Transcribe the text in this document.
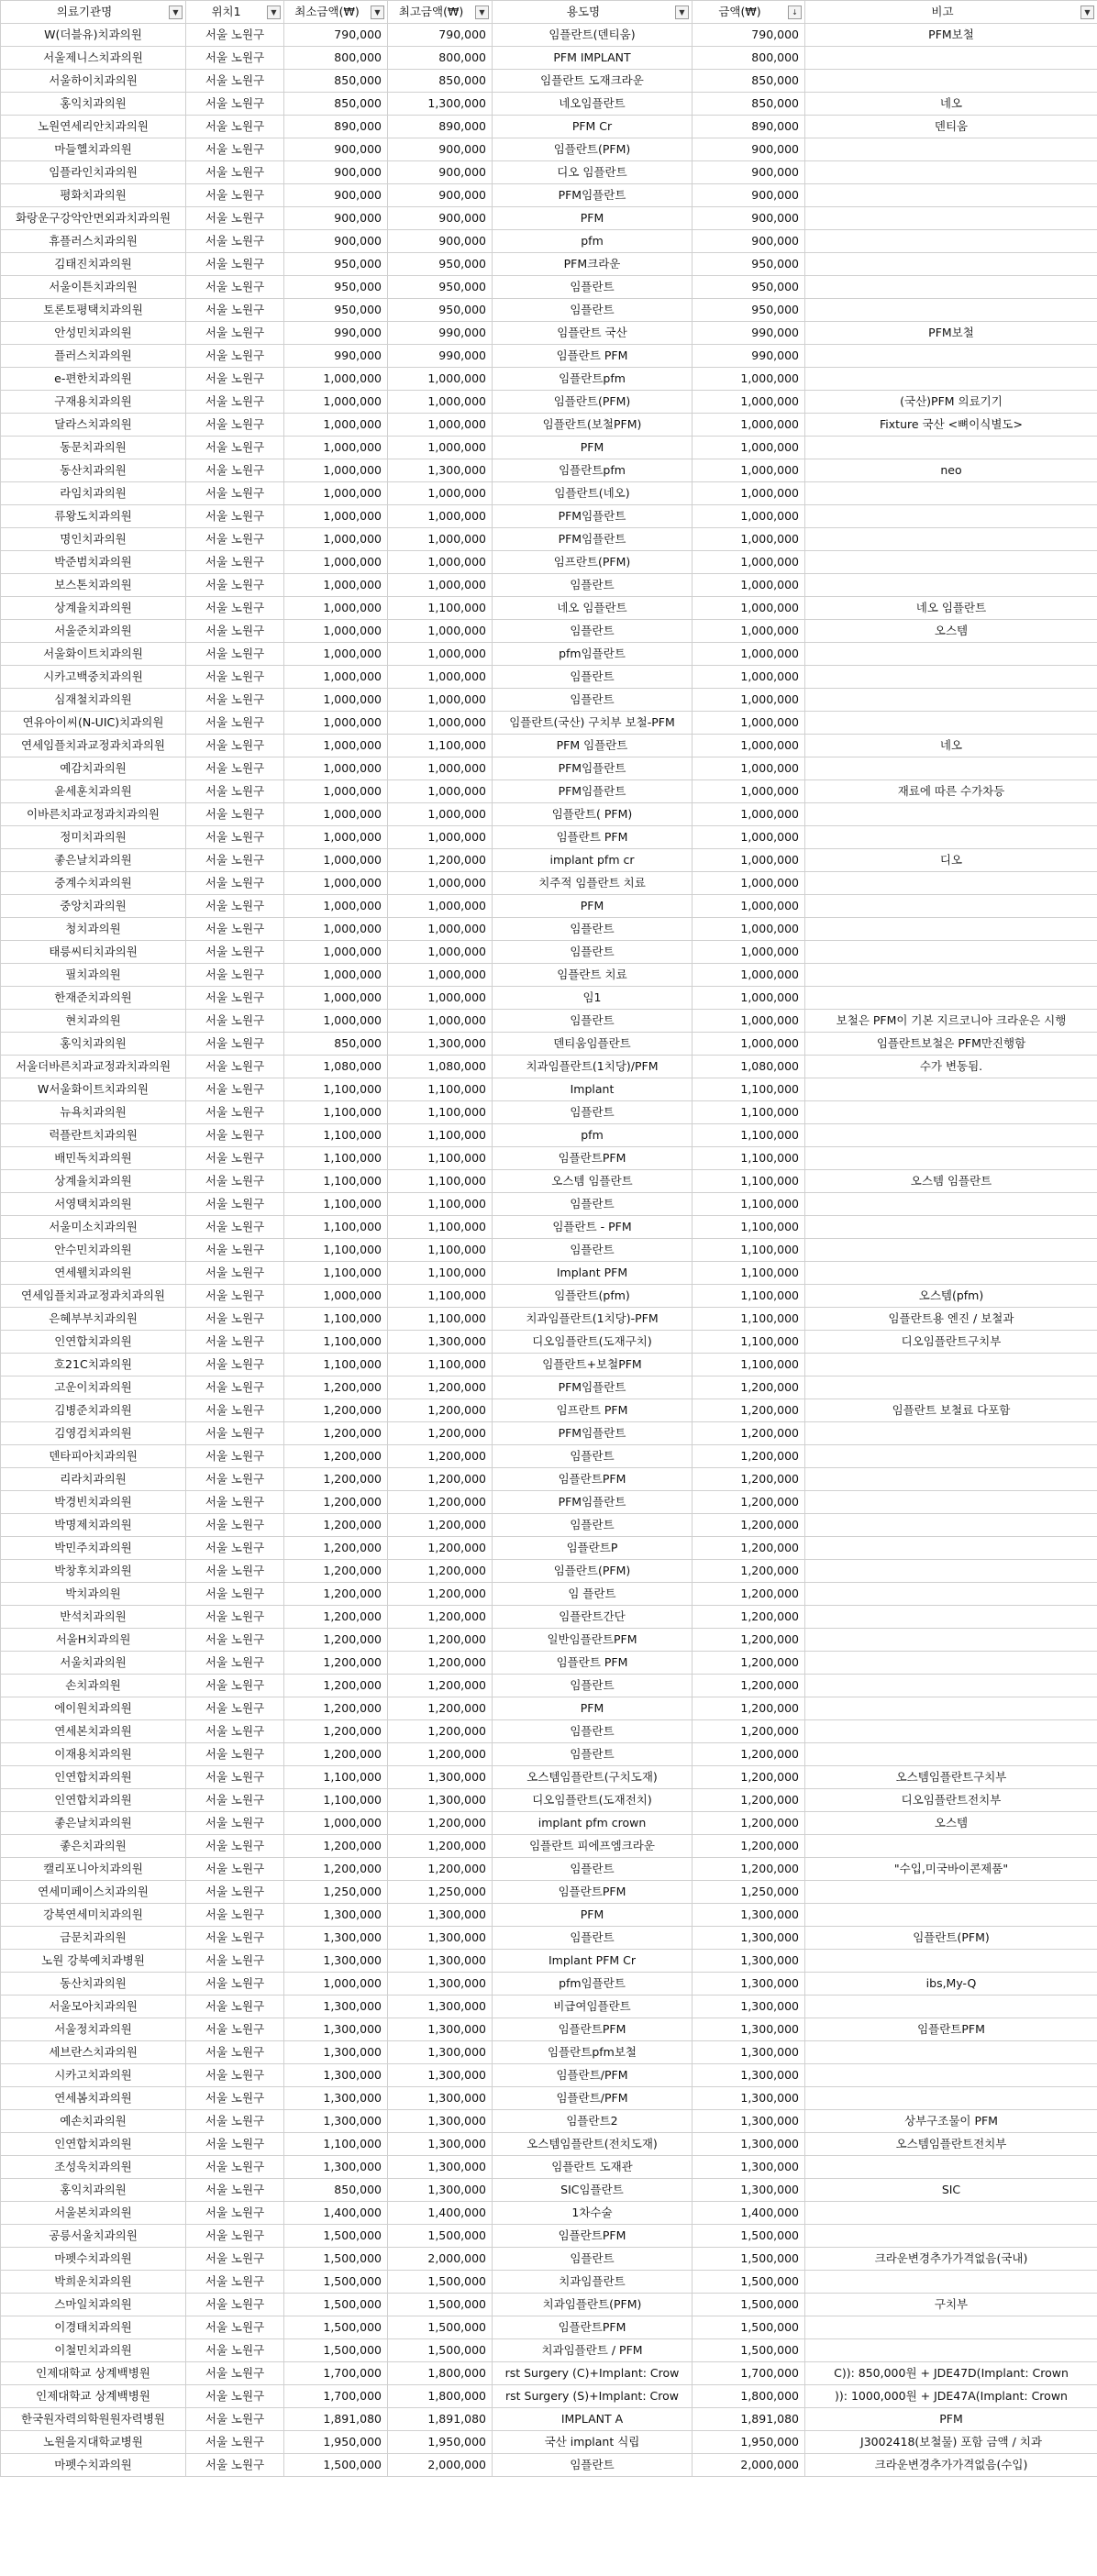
의료기관명 ▼	위치1 ▼	최소금액(₩) ▼	최고금액(₩) ▼	용도명 ▼	금액(₩) ↓	비고 ▼

W(더블유)치과의원	서울 노원구	790,000	790,000	임플란트(덴티움)	790,000	PFM보철
서울제니스치과의원	서울 노원구	800,000	800,000	PFM IMPLANT	800,000	
서울하이치과의원	서울 노원구	850,000	850,000	임플란트 도재크라운	850,000	
홍익치과의원	서울 노원구	850,000	1,300,000	네오임플란트	850,000	네오
노원연세리안치과의원	서울 노원구	890,000	890,000	PFM Cr	890,000	덴티움
마들헬치과의원	서울 노원구	900,000	900,000	임플란트(PFM)	900,000	
임플라인치과의원	서울 노원구	900,000	900,000	디오 임플란트	900,000	
평화치과의원	서울 노원구	900,000	900,000	PFM임플란트	900,000	
화랑운구강악안면외과치과의원	서울 노원구	900,000	900,000	PFM	900,000	
휴플러스치과의원	서울 노원구	900,000	900,000	pfm	900,000	
김태진치과의원	서울 노원구	950,000	950,000	PFM크라운	950,000	
서울이튼치과의원	서울 노원구	950,000	950,000	임플란트	950,000	
토론토평택치과의원	서울 노원구	950,000	950,000	임플란트	950,000	
안성민치과의원	서울 노원구	990,000	990,000	임플란트 국산	990,000	PFM보철
플러스치과의원	서울 노원구	990,000	990,000	임플란트 PFM	990,000	
e-편한치과의원	서울 노원구	1,000,000	1,000,000	임플란트pfm	1,000,000	
구재용치과의원	서울 노원구	1,000,000	1,000,000	임플란트(PFM)	1,000,000	(국산)PFM 의료기기
달라스치과의원	서울 노원구	1,000,000	1,000,000	임플란트(보철PFM)	1,000,000	Fixture 국산 <뼈이식별도>
동문치과의원	서울 노원구	1,000,000	1,000,000	PFM	1,000,000	
동산치과의원	서울 노원구	1,000,000	1,300,000	임플란트pfm	1,000,000	neo
라임치과의원	서울 노원구	1,000,000	1,000,000	임플란트(네오)	1,000,000	
류왕도치과의원	서울 노원구	1,000,000	1,000,000	PFM임플란트	1,000,000	
명인치과의원	서울 노원구	1,000,000	1,000,000	PFM임플란트	1,000,000	
박준범치과의원	서울 노원구	1,000,000	1,000,000	임프란트(PFM)	1,000,000	
보스톤치과의원	서울 노원구	1,000,000	1,000,000	임플란트	1,000,000	
상계율치과의원	서울 노원구	1,000,000	1,100,000	네오 임플란트	1,000,000	네오 임플란트
서울준치과의원	서울 노원구	1,000,000	1,000,000	임플란트	1,000,000	오스템
서울화이트치과의원	서울 노원구	1,000,000	1,000,000	pfm임플란트	1,000,000	
시카고백중치과의원	서울 노원구	1,000,000	1,000,000	임플란트	1,000,000	
심재철치과의원	서울 노원구	1,000,000	1,000,000	임플란트	1,000,000	
연유아이씨(N-UIC)치과의원	서울 노원구	1,000,000	1,000,000	임플란트(국산) 구치부 보철-PFM	1,000,000	
연세임플치과교정과치과의원	서울 노원구	1,000,000	1,100,000	PFM 임플란트	1,000,000	네오
예감치과의원	서울 노원구	1,000,000	1,000,000	PFM임플란트	1,000,000	
윤세훈치과의원	서울 노원구	1,000,000	1,000,000	PFM임플란트	1,000,000	재료에 따른 수가차등
이바른치과교정과치과의원	서울 노원구	1,000,000	1,000,000	임플란트( PFM)	1,000,000	
정미치과의원	서울 노원구	1,000,000	1,000,000	임플란트 PFM	1,000,000	
좋은날치과의원	서울 노원구	1,000,000	1,200,000	implant pfm cr	1,000,000	디오
중계수치과의원	서울 노원구	1,000,000	1,000,000	치주적 임플란트 치료	1,000,000	
중앙치과의원	서울 노원구	1,000,000	1,000,000	PFM	1,000,000	
청치과의원	서울 노원구	1,000,000	1,000,000	임플란트	1,000,000	
태릉씨티치과의원	서울 노원구	1,000,000	1,000,000	임플란트	1,000,000	
필치과의원	서울 노원구	1,000,000	1,000,000	임플란트 치료	1,000,000	
한재준치과의원	서울 노원구	1,000,000	1,000,000	임1	1,000,000	
현치과의원	서울 노원구	1,000,000	1,000,000	임플란트	1,000,000	보철은 PFM이 기본 지르코니아 크라운은 시행
홍익치과의원	서울 노원구	850,000	1,300,000	덴티움임플란트	1,000,000	임플란트보철은 PFM만진행함
서울더바른치과교정과치과의원	서울 노원구	1,080,000	1,080,000	치과임플란트(1치당)/PFM	1,080,000	수가 변동됨.
W서울화이트치과의원	서울 노원구	1,100,000	1,100,000	Implant	1,100,000	
뉴욕치과의원	서울 노원구	1,100,000	1,100,000	임플란트	1,100,000	
럭플란트치과의원	서울 노원구	1,100,000	1,100,000	pfm	1,100,000	
배민독치과의원	서울 노원구	1,100,000	1,100,000	임플란트PFM	1,100,000	
상계율치과의원	서울 노원구	1,100,000	1,100,000	오스템 임플란트	1,100,000	오스템 임플란트
서영택치과의원	서울 노원구	1,100,000	1,100,000	임플란트	1,100,000	
서울미소치과의원	서울 노원구	1,100,000	1,100,000	임플란트 - PFM	1,100,000	
안수민치과의원	서울 노원구	1,100,000	1,100,000	임플란트	1,100,000	
연세웰치과의원	서울 노원구	1,100,000	1,100,000	Implant PFM	1,100,000	
연세임플치과교정과치과의원	서울 노원구	1,000,000	1,100,000	임플란트(pfm)	1,100,000	오스템(pfm)
은혜부부치과의원	서울 노원구	1,100,000	1,100,000	치과임플란트(1치당)-PFM	1,100,000	임플란트용 엔진 / 보철과
인연합치과의원	서울 노원구	1,100,000	1,300,000	디오임플란트(도재구치)	1,100,000	디오임플란트구치부
호21C치과의원	서울 노원구	1,100,000	1,100,000	임플란트+보철PFM	1,100,000	
고운이치과의원	서울 노원구	1,200,000	1,200,000	PFM임플란트	1,200,000	
김병준치과의원	서울 노원구	1,200,000	1,200,000	임프란트 PFM	1,200,000	임플란트 보철료 다포함
김영검치과의원	서울 노원구	1,200,000	1,200,000	PFM임플란트	1,200,000	
덴타피아치과의원	서울 노원구	1,200,000	1,200,000	임플란트	1,200,000	
리라치과의원	서울 노원구	1,200,000	1,200,000	임플란트PFM	1,200,000	
박경빈치과의원	서울 노원구	1,200,000	1,200,000	PFM임플란트	1,200,000	
박명제치과의원	서울 노원구	1,200,000	1,200,000	임플란트	1,200,000	
박민주치과의원	서울 노원구	1,200,000	1,200,000	임플란트P	1,200,000	
박창후치과의원	서울 노원구	1,200,000	1,200,000	임플란트(PFM)	1,200,000	
박치과의원	서울 노원구	1,200,000	1,200,000	임 플란트	1,200,000	
반석치과의원	서울 노원구	1,200,000	1,200,000	임플란트간단	1,200,000	
서울H치과의원	서울 노원구	1,200,000	1,200,000	일반임플란트PFM	1,200,000	
서울치과의원	서울 노원구	1,200,000	1,200,000	임플란트 PFM	1,200,000	
손치과의원	서울 노원구	1,200,000	1,200,000	임플란트	1,200,000	
에이원치과의원	서울 노원구	1,200,000	1,200,000	PFM	1,200,000	
연세본치과의원	서울 노원구	1,200,000	1,200,000	임플란트	1,200,000	
이재용치과의원	서울 노원구	1,200,000	1,200,000	임플란트	1,200,000	
인연합치과의원	서울 노원구	1,100,000	1,300,000	오스템임플란트(구치도재)	1,200,000	오스템임플란트구치부
인연합치과의원	서울 노원구	1,100,000	1,300,000	디오임플란트(도재전치)	1,200,000	디오임플란트전치부
좋은날치과의원	서울 노원구	1,000,000	1,200,000	implant pfm crown	1,200,000	오스템
좋은치과의원	서울 노원구	1,200,000	1,200,000	임플란트 피에프엠크라운	1,200,000	
캘리포니아치과의원	서울 노원구	1,200,000	1,200,000	임플란트	1,200,000	"수입,미국바이콘제품"
연세미페이스치과의원	서울 노원구	1,250,000	1,250,000	임플란트PFM	1,250,000	
강북연세미치과의원	서울 노원구	1,300,000	1,300,000	PFM	1,300,000	
금문치과의원	서울 노원구	1,300,000	1,300,000	임플란트	1,300,000	임플란트(PFM)
노원 강북예치과병원	서울 노원구	1,300,000	1,300,000	Implant PFM Cr	1,300,000	
동산치과의원	서울 노원구	1,000,000	1,300,000	pfm임플란트	1,300,000	ibs,My-Q
서울모아치과의원	서울 노원구	1,300,000	1,300,000	비급여임플란트	1,300,000	
서울정치과의원	서울 노원구	1,300,000	1,300,000	임플란트PFM	1,300,000	임플란트PFM
세브란스치과의원	서울 노원구	1,300,000	1,300,000	임플란트pfm보철	1,300,000	
시카고치과의원	서울 노원구	1,300,000	1,300,000	임플란트/PFM	1,300,000	
연세봄치과의원	서울 노원구	1,300,000	1,300,000	임플란트/PFM	1,300,000	
예손치과의원	서울 노원구	1,300,000	1,300,000	임플란트2	1,300,000	상부구조물이 PFM
인연합치과의원	서울 노원구	1,100,000	1,300,000	오스템임플란트(전치도재)	1,300,000	오스템임플란트전치부
조성욱치과의원	서울 노원구	1,300,000	1,300,000	임플란트 도재관	1,300,000	
홍익치과의원	서울 노원구	850,000	1,300,000	SIC임플란트	1,300,000	SIC
서울본치과의원	서울 노원구	1,400,000	1,400,000	1차수술	1,400,000	
공릉서울치과의원	서울 노원구	1,500,000	1,500,000	임플란트PFM	1,500,000	
마펫수치과의원	서울 노원구	1,500,000	2,000,000	임플란트	1,500,000	크라운변경추가가격없음(국내)
박희운치과의원	서울 노원구	1,500,000	1,500,000	치과임플란트	1,500,000	
스마일치과의원	서울 노원구	1,500,000	1,500,000	치과임플란트(PFM)	1,500,000	구치부
이경태치과의원	서울 노원구	1,500,000	1,500,000	임플란트PFM	1,500,000	
이철민치과의원	서울 노원구	1,500,000	1,500,000	치과임플란트 / PFM	1,500,000	
인제대학교 상계백병원	서울 노원구	1,700,000	1,800,000	rst Surgery (C)+Implant: Crow	1,700,000	C)): 850,000원 + JDE47D(Implant: Crown
인제대학교 상계백병원	서울 노원구	1,700,000	1,800,000	rst Surgery (S)+Implant: Crow	1,800,000	)): 1000,000원 + JDE47A(Implant: Crown
한국원자력의학원원자력병원	서울 노원구	1,891,080	1,891,080	IMPLANT A	1,891,080	PFM
노원을지대학교병원	서울 노원구	1,950,000	1,950,000	국산 implant 식립	1,950,000	J3002418(보철물) 포함 금액 / 치과
마펫수치과의원	서울 노원구	1,500,000	2,000,000	임플란트	2,000,000	크라운변경추가가격없음(수입)
